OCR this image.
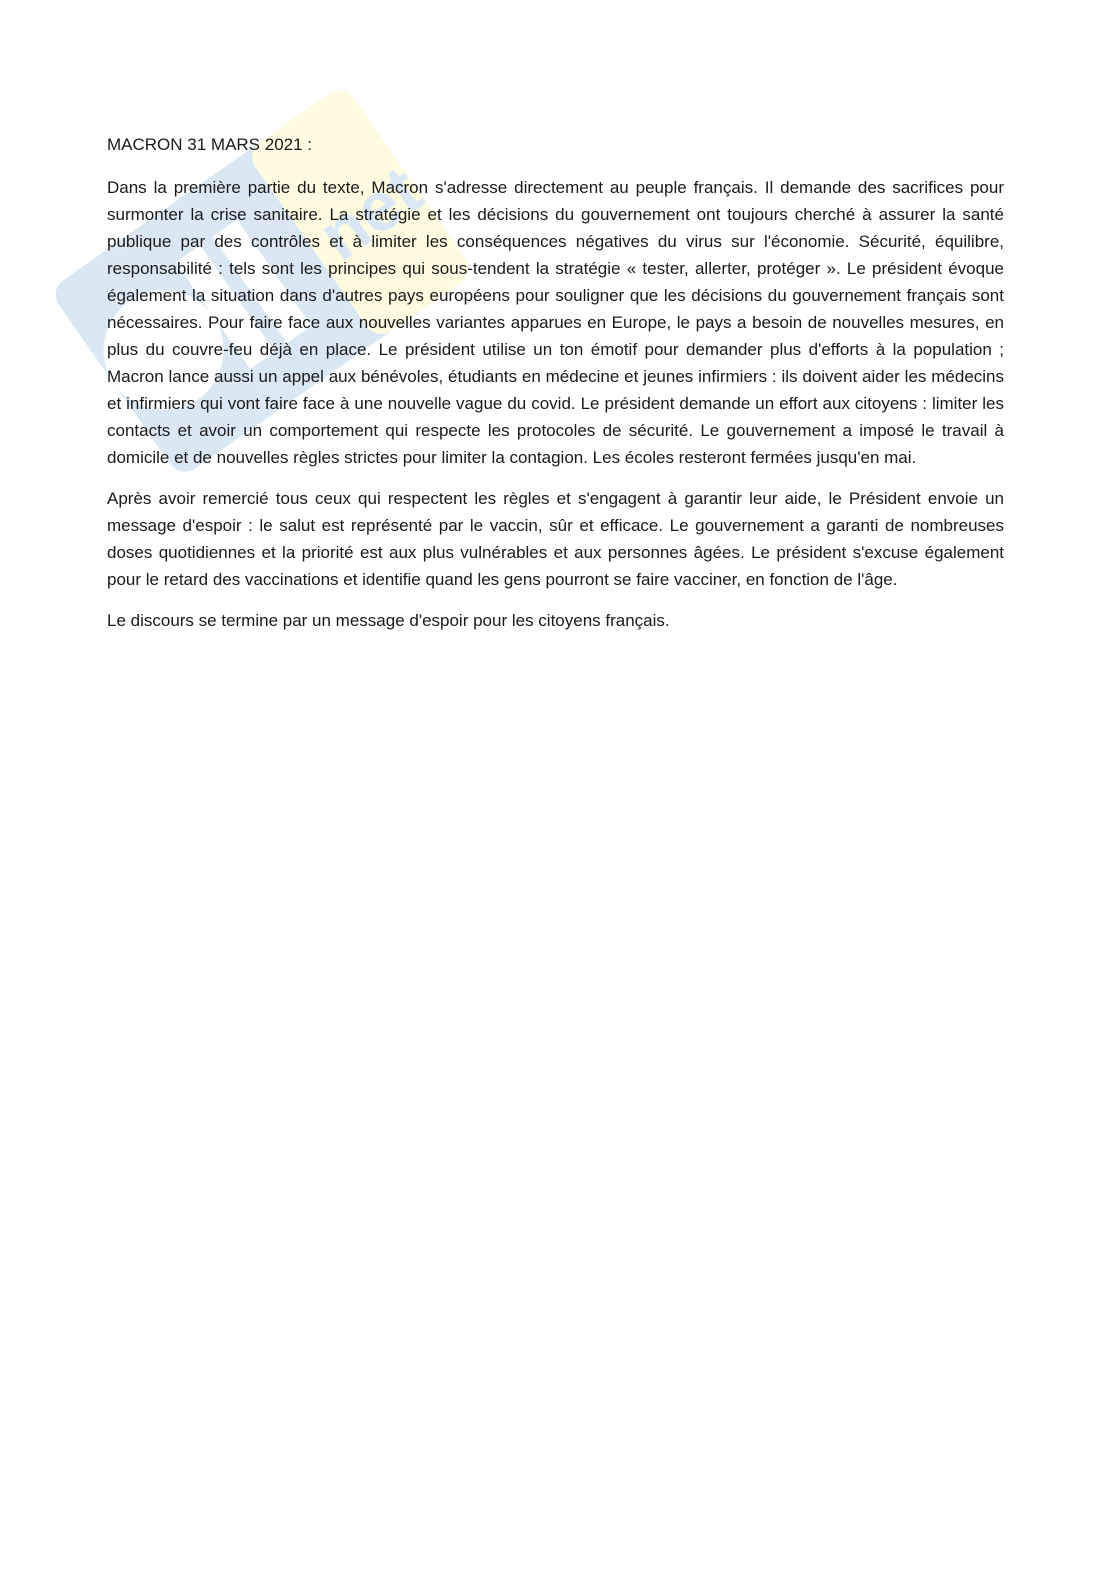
net

MACRON 31 MARS 2021 :

Dans la première partie du texte, Macron s'adresse directement au peuple français. Il demande des sacrifices pour surmonter la crise sanitaire. La stratégie et les décisions du gouvernement ont toujours cherché à assurer la santé publique par des contrôles et à limiter les conséquences négatives du virus sur l'économie. Sécurité, équilibre, responsabilité : tels sont les principes qui sous-tendent la stratégie « tester, allerter, protéger ». Le président évoque également la situation dans d'autres pays européens pour souligner que les décisions du gouvernement français sont nécessaires. Pour faire face aux nouvelles variantes apparues en Europe, le pays a besoin de nouvelles mesures, en plus du couvre-feu déjà en place. Le président utilise un ton émotif pour demander plus d'efforts à la population ; Macron lance aussi un appel aux bénévoles, étudiants en médecine et jeunes infirmiers : ils doivent aider les médecins et infirmiers qui vont faire face à une nouvelle vague du covid. Le président demande un effort aux citoyens : limiter les contacts et avoir un comportement qui respecte les protocoles de sécurité. Le gouvernement a imposé le travail à domicile et de nouvelles règles strictes pour limiter la contagion. Les écoles resteront fermées jusqu'en mai.

Après avoir remercié tous ceux qui respectent les règles et s'engagent à garantir leur aide, le Président envoie un message d'espoir : le salut est représenté par le vaccin, sûr et efficace. Le gouvernement a garanti de nombreuses doses quotidiennes et la priorité est aux plus vulnérables et aux personnes âgées. Le président s'excuse également pour le retard des vaccinations et identifie quand les gens pourront se faire vacciner, en fonction de l'âge.

Le discours se termine par un message d'espoir pour les citoyens français.
